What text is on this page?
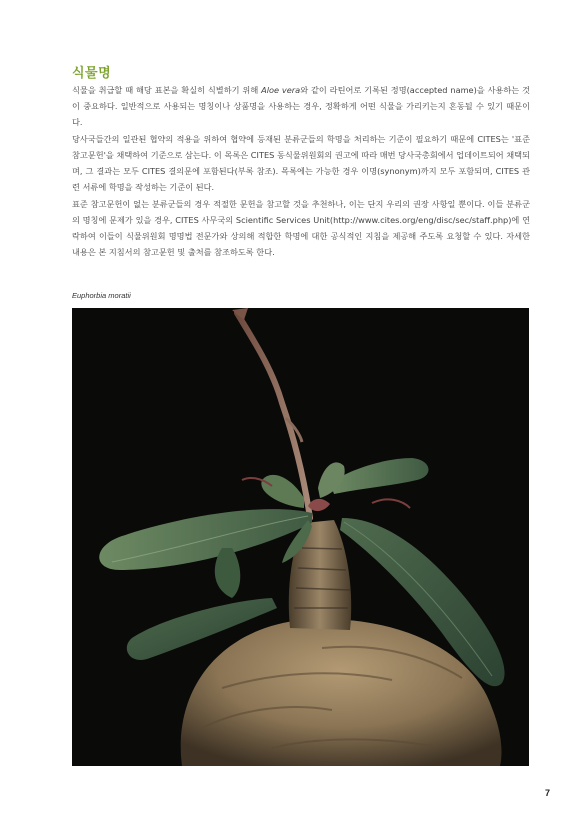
식물명

식물을 취급할 때 해당 표본을 확실히 식별하기 위해 Aloe vera와 같이 라틴어로 기록된 정명(accepted name)을 사용하는 것이 중요하다. 일반적으로 사용되는 명칭이나 상품명을 사용하는 경우, 정확하게 어떤 식물을 가리키는지 혼동될 수 있기 때문이다.

당사국들간의 일관된 협약의 적용을 위하여 협약에 등재된 분류군들의 학명을 처리하는 기준이 필요하기 때문에 CITES는 '표준 참고문헌'을 채택하여 기준으로 삼는다. 이 목록은 CITES 동식물위원회의 권고에 따라 매번 당사국총회에서 업데이트되어 채택되며, 그 결과는 모두 CITES 결의문에 포함된다(부록 참조). 목록에는 가능한 경우 이명(synonym)까지 모두 포함되며, CITES 관련 서류에 학명을 작성하는 기준이 된다.

표준 참고문헌이 없는 분류군들의 경우 적절한 문헌을 참고할 것을 추천하나, 이는 단지 우리의 권장 사항일 뿐이다. 이들 분류군의 명칭에 문제가 있을 경우, CITES 사무국의 Scientific Services Unit(http://www.cites.org/eng/disc/sec/staff.php)에 연락하여 이들이 식물위원회 명명법 전문가와 상의해 적합한 학명에 대한 공식적인 지침을 제공해 주도록 요청할 수 있다. 자세한 내용은 본 지침서의 참고문헌 및 출처를 참조하도록 한다.

Euphorbia moratii
7
